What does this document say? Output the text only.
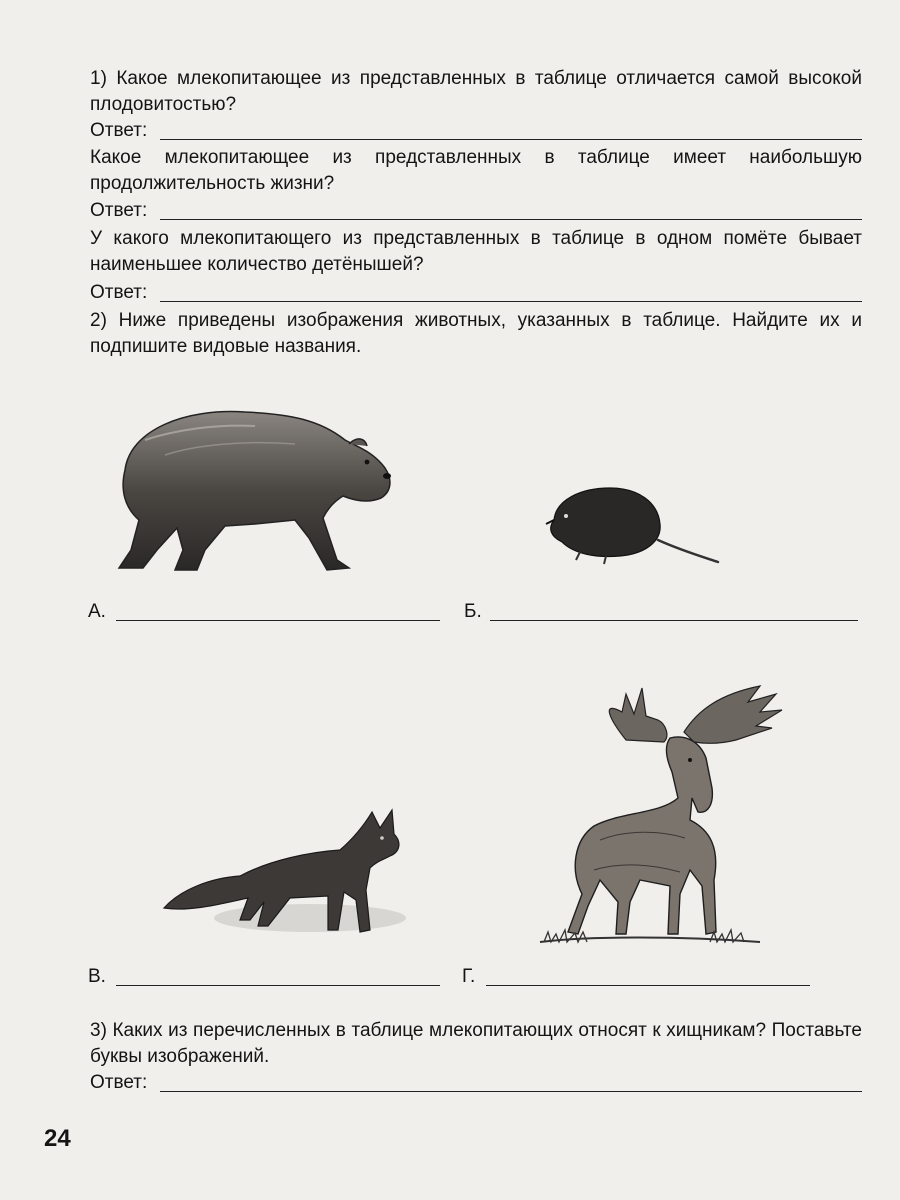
1) Какое млекопитающее из представленных в таблице отличается самой высокой плодовитостью?
Ответ:
Какое млекопитающее из представленных в таблице имеет наибольшую продолжительность жизни?
Ответ:
У какого млекопитающего из представленных в таблице в одном помёте бывает наименьшее количество детёнышей?
Ответ:
2) Ниже приведены изображения животных, указанных в таблице. Найдите их и подпишите видовые названия.
А.	Б.
В.	Г.
3) Каких из перечисленных в таблице млекопитающих относят к хищникам? Поставьте буквы изображений.
Ответ:
24
